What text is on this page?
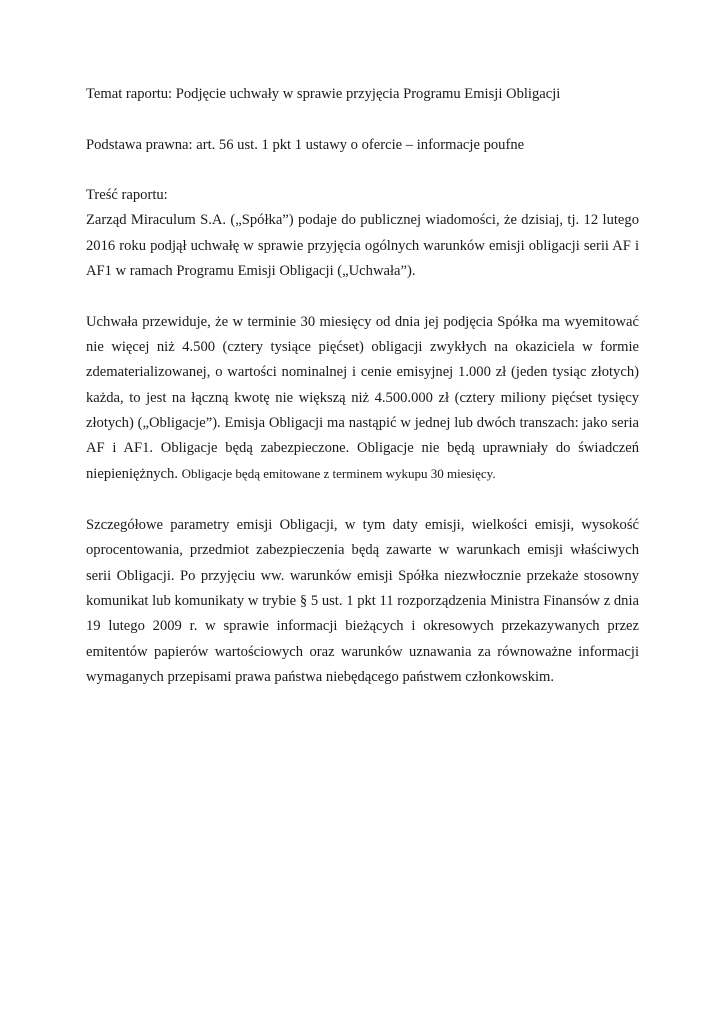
Temat raportu: Podjęcie uchwały w sprawie przyjęcia Programu Emisji Obligacji

Podstawa prawna: art. 56 ust. 1 pkt 1 ustawy o ofercie – informacje poufne

Treść raportu:

Zarząd Miraculum S.A. („Spółka”) podaje do publicznej wiadomości, że dzisiaj, tj. 12 lutego 2016 roku podjął uchwałę w sprawie przyjęcia ogólnych warunków emisji obligacji serii AF i AF1 w ramach Programu Emisji Obligacji („Uchwała”).

Uchwała przewiduje, że w terminie 30 miesięcy od dnia jej podjęcia Spółka ma wyemitować nie więcej niż 4.500 (cztery tysiące pięćset) obligacji zwykłych na okaziciela w formie zdematerializowanej, o wartości nominalnej i cenie emisyjnej 1.000 zł (jeden tysiąc złotych) każda, to jest na łączną kwotę nie większą niż 4.500.000 zł (cztery miliony pięćset tysięcy złotych) („Obligacje”). Emisja Obligacji ma nastąpić w jednej lub dwóch transzach: jako seria AF i AF1. Obligacje będą zabezpieczone. Obligacje nie będą uprawniały do świadczeń niepieniężnych. Obligacje będą emitowane z terminem wykupu 30 miesięcy.

Szczegółowe parametry emisji Obligacji, w tym daty emisji, wielkości emisji, wysokość oprocentowania, przedmiot zabezpieczenia będą zawarte w warunkach emisji właściwych serii Obligacji. Po przyjęciu ww. warunków emisji Spółka niezwłocznie przekaże stosowny komunikat lub komunikaty w trybie § 5 ust. 1 pkt 11 rozporządzenia Ministra Finansów z dnia 19 lutego 2009 r. w sprawie informacji bieżących i okresowych przekazywanych przez emitentów papierów wartościowych oraz warunków uznawania za równoważne informacji wymaganych przepisami prawa państwa niebędącego państwem członkowskim.
